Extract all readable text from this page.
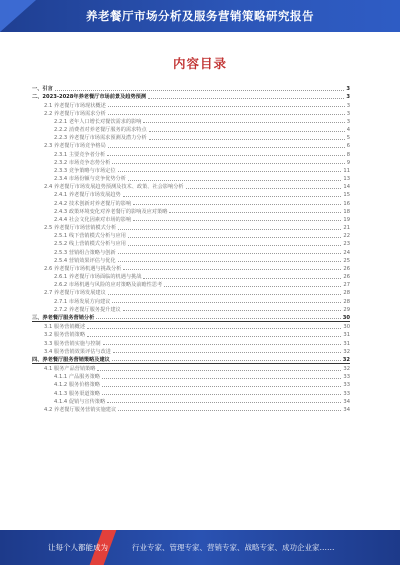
养老餐厅市场分析及服务营销策略研究报告
内容目录
一、引言	3
二、2023-2028年养老餐厅市场前景及趋势预测	3
2.1 养老餐厅市场现状概述	3
2.2 养老餐厅市场需求分析	3
2.2.1 老年人口增长对餐饮需求的影响	3
2.2.2 消费者对养老餐厅服务的需求特点	4
2.2.3 养老餐厅市场需求预测及潜力分析	5
2.3 养老餐厅市场竞争格局	6
2.3.1 主要竞争者分析	8
2.3.2 市场竞争态势分析	9
2.3.3 竞争策略与市场定位	11
2.3.4 市场份额与竞争优势分析	13
2.4 养老餐厅市场发展趋势预测及技术、政策、社会影响分析	14
2.4.1 养老餐厅市场发展趋势	15
2.4.2 技术创新对养老餐厅的影响	16
2.4.3 政策环境变化对养老餐厅的影响及应对策略	18
2.4.4 社会文化因素对市场的影响	19
2.5 养老餐厅市场营销模式分析	21
2.5.1 线下营销模式分析与应用	22
2.5.2 线上营销模式分析与应用	23
2.5.3 营销组合策略与创新	24
2.5.4 营销效果评估与优化	25
2.6 养老餐厅市场机遇与挑战分析	26
2.6.1 养老餐厅市场面临的机遇与挑战	26
2.6.2 市场机遇与风险的应对策略及前瞻性思考	27
2.7 养老餐厅市场发展建议	28
2.7.1 市场发展方向建议	28
2.7.2 养老餐厅服务提升建议	29
三、养老餐厅服务营销分析	30
3.1 服务营销概述	30
3.2 服务营销策略	31
3.3 服务营销实施与控制	31
3.4 服务营销效果评估与改进	32
四、养老餐厅服务营销策略及建议	32
4.1 服务产品营销策略	32
4.1.1 产品服务策略	33
4.1.2 服务价格策略	33
4.1.3 服务渠道策略	33
4.1.4 促销与宣传策略	34
4.2 养老餐厅服务营销实施建议	34
让每个人都能成为	行业专家、管理专家、营销专家、战略专家、成功企业家……
